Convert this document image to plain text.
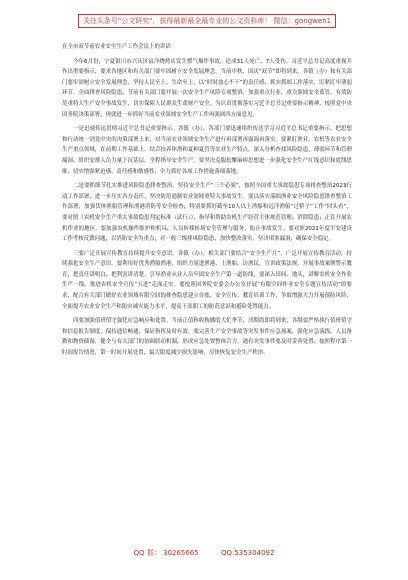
关注头条号"公文研究"，获得最新最全最专业的公文资料库！ 微信：gongwen1

在全市双节前农业安全生产工作会议上的讲话

今年6月份，宁夏银川市兴庆区富洋烧烤店发生燃气爆炸事故，造成31人死亡、7人受伤。习近平总书记高度重视并作出重要指示，要求各地区和有关部门要牢固树立安全发展理念，当前中秋、国庆“双节”即将到来，各镇（办）和有关部门要牢固树立安全发展理念，坚持人民至上、生命至上，以“时时放心不下”的责任感，抓实抓细工作落实，盯紧盯牢薄弱环节，全面排查风险隐患，节前有关部门要开展一次安全生产风险专项整治，加强重点行业、重点领域安全监管，有效防范重特大生产安全事故发生，切实保障人民群众生命财产安全。为认真贯彻落实习近平总书记重要指示精神，按照党中央国务院决策部署，现就进一步抓好当前农业领域安全生产工作再强调四方面意见。

一是迅速传达贯彻习近平总书记重要指示。各镇（办）、各部门要迅速组织传达学习习近平总书记重要指示，把思想和行动统一到党中央的决策部署上来，对当前农业领域安全生产进行再部署再强调再落实。要紧盯渔业、农机等农业安全生产重点领域，在前期工作基础上，结合扶养体渔和夏种夏管等农业生产特点，深入分析查找风险隐患，薄弱环节和管理漏洞，组织安排人员力量下沉基层，全程指导安全生产。要坚决克服松懈麻痹思想进一步强化安全生产红线意识和底线思维，切实增强紧迫感、责任感和敏感性，全力抓好各项工作措施落细落地。

二是要抓细节扎实推进风险隐患排查整治。坚持安全生产“三个必须”，按照全国重大事故隐患专项排查整治2023行动工作部署，进一步压实各方责任，坚决防范遏制农业领域重特大事故发生。要以落实落细渔业安全风险隐患排查整治工作部署，加强伏休渔船管理和渔港消防等安全检查，特别要抓好截至10人以上渔船和远洋渔船“过桥子”工作“回头看”，要对照《农机安全生产重大事故隐患判定标准（试行）》，指导和帮助农机生产经营主体规范管理、消除隐患；正在开展农机作业的地区，要加强农机操作维护和机具、人员转移转场安全管理与服务，防止事故发生。要对照2022年度平安建设工作考核反馈问题，以消防安全为重点，对一般三级排风险隐患，加快整改落实，坚决堵塞漏洞，确保安全稳定。

三要广泛开展宣传教育持续提升安全意识。各镇（办）、相关部门要结合“安全生产月”，广泛开展宣传教育活动，持续强化安全生产意识。要利用好优秀渔船渔港，组织力量进渔港、上渔船、访渔民，宣讲政策法规，开展事故案例警示教育，把责任讲明白、把利害讲清楚，引导渔业从业人员牢固安全生产第一道防线，要深入田间、地头，讲解农机安全作业生产一线，推进农机安全宣传“五进”走深走实。要按照国务院安委会办公室开展“有限空间作业安全专题宣传活动”的要求，配合有关部门做好农业领域有限空间的排查隐患建立台账，安全宣传、教育培训工作，争取增强大力开展预防风险，全面提升农业安全生产和防灾减灾能力水平，提高干部职工的防范意识和避险处置能力。

四要加强值班值守强化应急响应和处置。当前正值秋收秋播的大忙季节，汛期尚即将到来，各级要严格执行值班值守和信息报告制度，保持通信畅通，保证指挥及时有效。要完善生产安全事故等突发事件应急预案，强化应急演练、人员备勤和物资储备，健全与有关部门的协调联动机制，形成应急处置整体合力，遇有突发事件要及时妥善处置、按照程序第一时间报告情况，第一时间开展处置，最大限度减少损失影响，尽快恢复安全生产秩序。

QQ 群： 30265665	QQ:535304092
